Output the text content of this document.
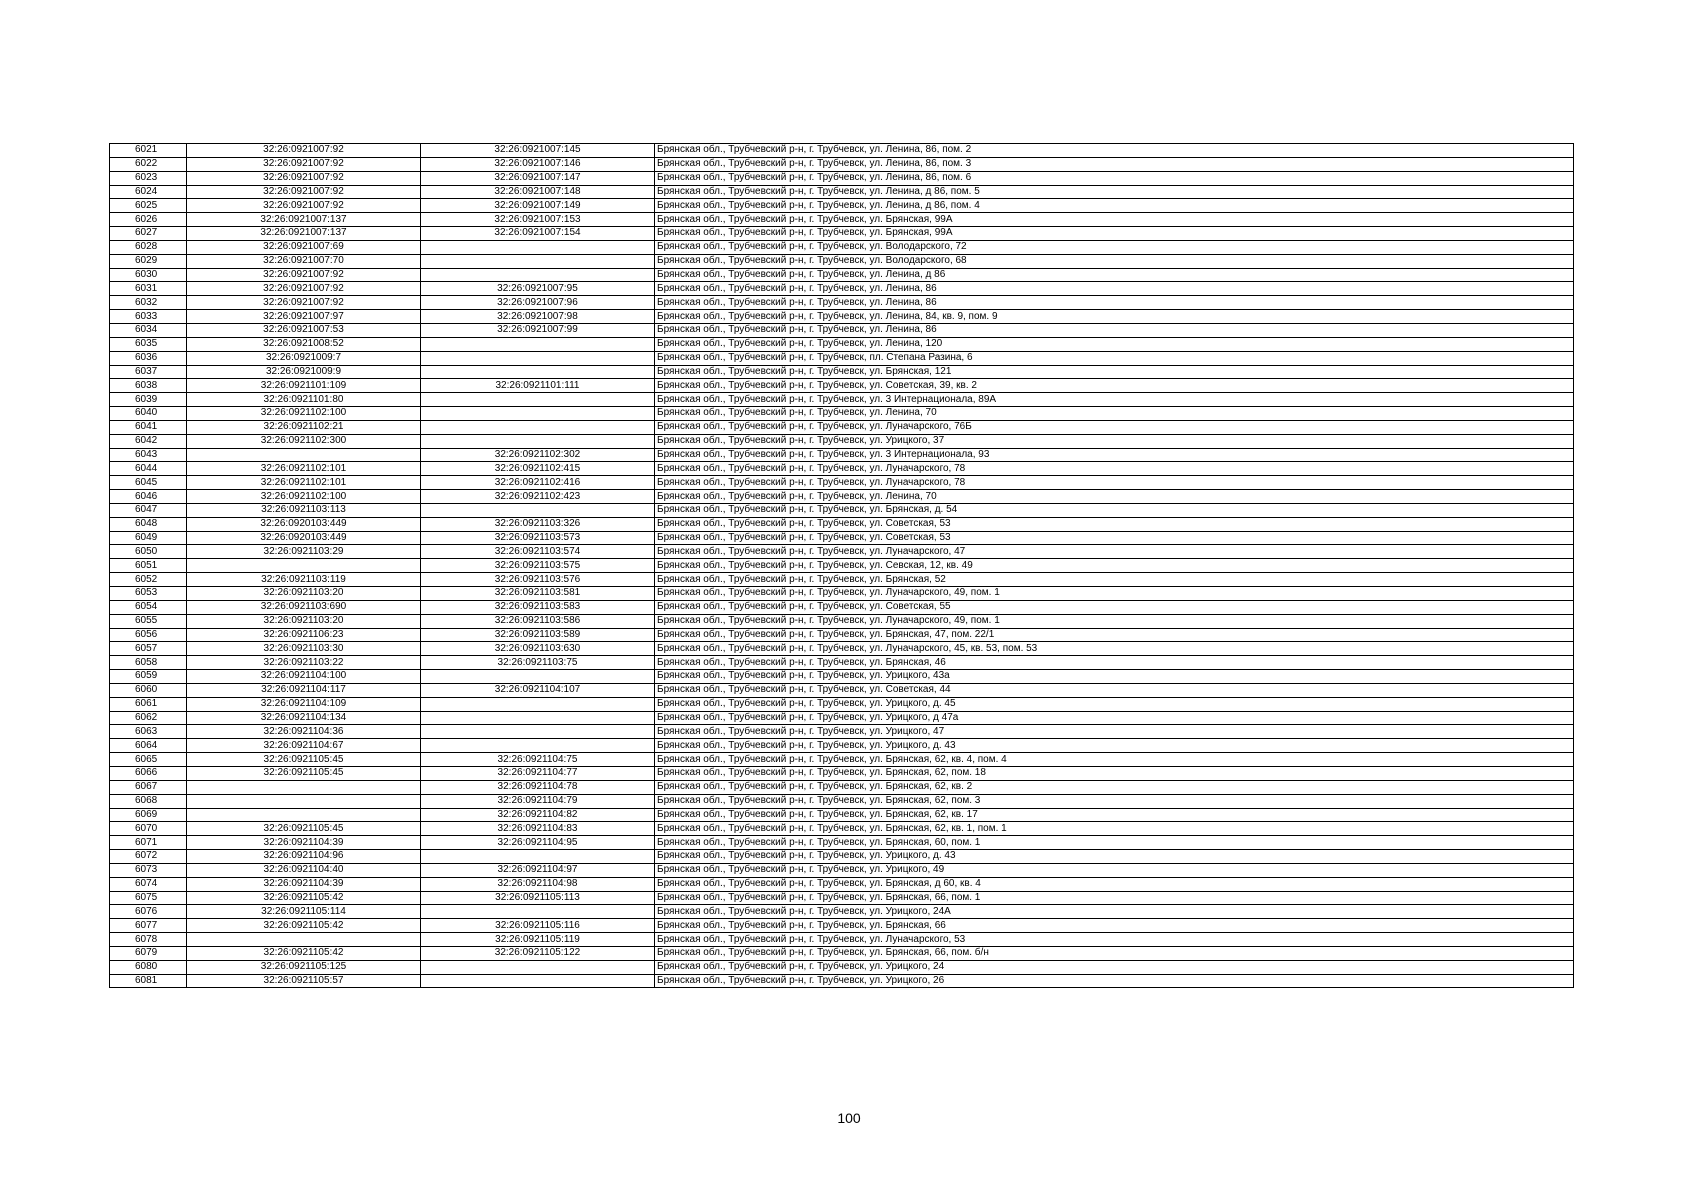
6021	32:26:0921007:92	32:26:0921007:145	Брянская обл., Трубчевский р-н, г. Трубчевск, ул. Ленина, 86, пом. 2
6022	32:26:0921007:92	32:26:0921007:146	Брянская обл., Трубчевский р-н, г. Трубчевск, ул. Ленина, 86, пом. 3
6023	32:26:0921007:92	32:26:0921007:147	Брянская обл., Трубчевский р-н, г. Трубчевск, ул. Ленина, 86, пом. 6
6024	32:26:0921007:92	32:26:0921007:148	Брянская обл., Трубчевский р-н, г. Трубчевск, ул. Ленина, д 86, пом. 5
6025	32:26:0921007:92	32:26:0921007:149	Брянская обл., Трубчевский р-н, г. Трубчевск, ул. Ленина, д 86, пом. 4
6026	32:26:0921007:137	32:26:0921007:153	Брянская обл., Трубчевский р-н, г. Трубчевск, ул. Брянская, 99А
6027	32:26:0921007:137	32:26:0921007:154	Брянская обл., Трубчевский р-н, г. Трубчевск, ул. Брянская, 99А
6028	32:26:0921007:69		Брянская обл., Трубчевский р-н, г. Трубчевск, ул. Володарского, 72
6029	32:26:0921007:70		Брянская обл., Трубчевский р-н, г. Трубчевск, ул. Володарского, 68
6030	32:26:0921007:92		Брянская обл., Трубчевский р-н, г. Трубчевск, ул. Ленина, д 86
6031	32:26:0921007:92	32:26:0921007:95	Брянская обл., Трубчевский р-н, г. Трубчевск, ул. Ленина, 86
6032	32:26:0921007:92	32:26:0921007:96	Брянская обл., Трубчевский р-н, г. Трубчевск, ул. Ленина, 86
6033	32:26:0921007:97	32:26:0921007:98	Брянская обл., Трубчевский р-н, г. Трубчевск, ул. Ленина, 84, кв. 9, пом. 9
6034	32:26:0921007:53	32:26:0921007:99	Брянская обл., Трубчевский р-н, г. Трубчевск, ул. Ленина, 86
6035	32:26:0921008:52		Брянская обл., Трубчевский р-н, г. Трубчевск, ул. Ленина, 120
6036	32:26:0921009:7		Брянская обл., Трубчевский р-н, г. Трубчевск, пл. Степана Разина, 6
6037	32:26:0921009:9		Брянская обл., Трубчевский р-н, г. Трубчевск, ул. Брянская, 121
6038	32:26:0921101:109	32:26:0921101:111	Брянская обл., Трубчевский р-н, г. Трубчевск, ул. Советская, 39, кв. 2
6039	32:26:0921101:80		Брянская обл., Трубчевский р-н, г. Трубчевск, ул. 3 Интернационала, 89А
6040	32:26:0921102:100		Брянская обл., Трубчевский р-н, г. Трубчевск, ул. Ленина, 70
6041	32:26:0921102:21		Брянская обл., Трубчевский р-н, г. Трубчевск, ул. Луначарского, 76Б
6042	32:26:0921102:300		Брянская обл., Трубчевский р-н, г. Трубчевск, ул. Урицкого, 37
6043		32:26:0921102:302	Брянская обл., Трубчевский р-н, г. Трубчевск, ул. 3 Интернационала, 93
6044	32:26:0921102:101	32:26:0921102:415	Брянская обл., Трубчевский р-н, г. Трубчевск, ул. Луначарского, 78
6045	32:26:0921102:101	32:26:0921102:416	Брянская обл., Трубчевский р-н, г. Трубчевск, ул. Луначарского, 78
6046	32:26:0921102:100	32:26:0921102:423	Брянская обл., Трубчевский р-н, г. Трубчевск, ул. Ленина, 70
6047	32:26:0921103:113		Брянская обл., Трубчевский р-н, г. Трубчевск, ул. Брянская, д. 54
6048	32:26:0920103:449	32:26:0921103:326	Брянская обл., Трубчевский р-н, г. Трубчевск, ул. Советская, 53
6049	32:26:0920103:449	32:26:0921103:573	Брянская обл., Трубчевский р-н, г. Трубчевск, ул. Советская, 53
6050	32:26:0921103:29	32:26:0921103:574	Брянская обл., Трубчевский р-н, г. Трубчевск, ул. Луначарского, 47
6051		32:26:0921103:575	Брянская обл., Трубчевский р-н, г. Трубчевск, ул. Севская, 12, кв. 49
6052	32:26:0921103:119	32:26:0921103:576	Брянская обл., Трубчевский р-н, г. Трубчевск, ул. Брянская, 52
6053	32:26:0921103:20	32:26:0921103:581	Брянская обл., Трубчевский р-н, г. Трубчевск, ул. Луначарского, 49, пом. 1
6054	32:26:0921103:690	32:26:0921103:583	Брянская обл., Трубчевский р-н, г. Трубчевск, ул. Советская, 55
6055	32:26:0921103:20	32:26:0921103:586	Брянская обл., Трубчевский р-н, г. Трубчевск, ул. Луначарского, 49, пом. 1
6056	32:26:0921106:23	32:26:0921103:589	Брянская обл., Трубчевский р-н, г. Трубчевск, ул. Брянская, 47, пом. 22/1
6057	32:26:0921103:30	32:26:0921103:630	Брянская обл., Трубчевский р-н, г. Трубчевск, ул. Луначарского, 45, кв. 53, пом. 53
6058	32:26:0921103:22	32:26:0921103:75	Брянская обл., Трубчевский р-н, г. Трубчевск, ул. Брянская, 46
6059	32:26:0921104:100		Брянская обл., Трубчевский р-н, г. Трубчевск, ул. Урицкого, 43а
6060	32:26:0921104:117	32:26:0921104:107	Брянская обл., Трубчевский р-н, г. Трубчевск, ул. Советская, 44
6061	32:26:0921104:109		Брянская обл., Трубчевский р-н, г. Трубчевск, ул. Урицкого, д. 45
6062	32:26:0921104:134		Брянская обл., Трубчевский р-н, г. Трубчевск, ул. Урицкого, д 47а
6063	32:26:0921104:36		Брянская обл., Трубчевский р-н, г. Трубчевск, ул. Урицкого, 47
6064	32:26:0921104:67		Брянская обл., Трубчевский р-н, г. Трубчевск, ул. Урицкого, д. 43
6065	32:26:0921105:45	32:26:0921104:75	Брянская обл., Трубчевский р-н, г. Трубчевск, ул. Брянская, 62, кв. 4, пом. 4
6066	32:26:0921105:45	32:26:0921104:77	Брянская обл., Трубчевский р-н, г. Трубчевск, ул. Брянская, 62, пом. 18
6067		32:26:0921104:78	Брянская обл., Трубчевский р-н, г. Трубчевск, ул. Брянская, 62, кв. 2
6068		32:26:0921104:79	Брянская обл., Трубчевский р-н, г. Трубчевск, ул. Брянская, 62, пом. 3
6069		32:26:0921104:82	Брянская обл., Трубчевский р-н, г. Трубчевск, ул. Брянская, 62, кв. 17
6070	32:26:0921105:45	32:26:0921104:83	Брянская обл., Трубчевский р-н, г. Трубчевск, ул. Брянская, 62, кв. 1, пом. 1
6071	32:26:0921104:39	32:26:0921104:95	Брянская обл., Трубчевский р-н, г. Трубчевск, ул. Брянская, 60, пом. 1
6072	32:26:0921104:96		Брянская обл., Трубчевский р-н, г. Трубчевск, ул. Урицкого, д. 43
6073	32:26:0921104:40	32:26:0921104:97	Брянская обл., Трубчевский р-н, г. Трубчевск, ул. Урицкого, 49
6074	32:26:0921104:39	32:26:0921104:98	Брянская обл., Трубчевский р-н, г. Трубчевск, ул. Брянская, д 60, кв. 4
6075	32:26:0921105:42	32:26:0921105:113	Брянская обл., Трубчевский р-н, г. Трубчевск, ул. Брянская, 66, пом. 1
6076	32:26:0921105:114		Брянская обл., Трубчевский р-н, г. Трубчевск, ул. Урицкого, 24А
6077	32:26:0921105:42	32:26:0921105:116	Брянская обл., Трубчевский р-н, г. Трубчевск, ул. Брянская, 66
6078		32:26:0921105:119	Брянская обл., Трубчевский р-н, г. Трубчевск, ул. Луначарского, 53
6079	32:26:0921105:42	32:26:0921105:122	Брянская обл., Трубчевский р-н, г. Трубчевск, ул. Брянская, 66, пом. б/н
6080	32:26:0921105:125		Брянская обл., Трубчевский р-н, г. Трубчевск, ул. Урицкого, 24
6081	32:26:0921105:57		Брянская обл., Трубчевский р-н, г. Трубчевск, ул. Урицкого, 26
100
